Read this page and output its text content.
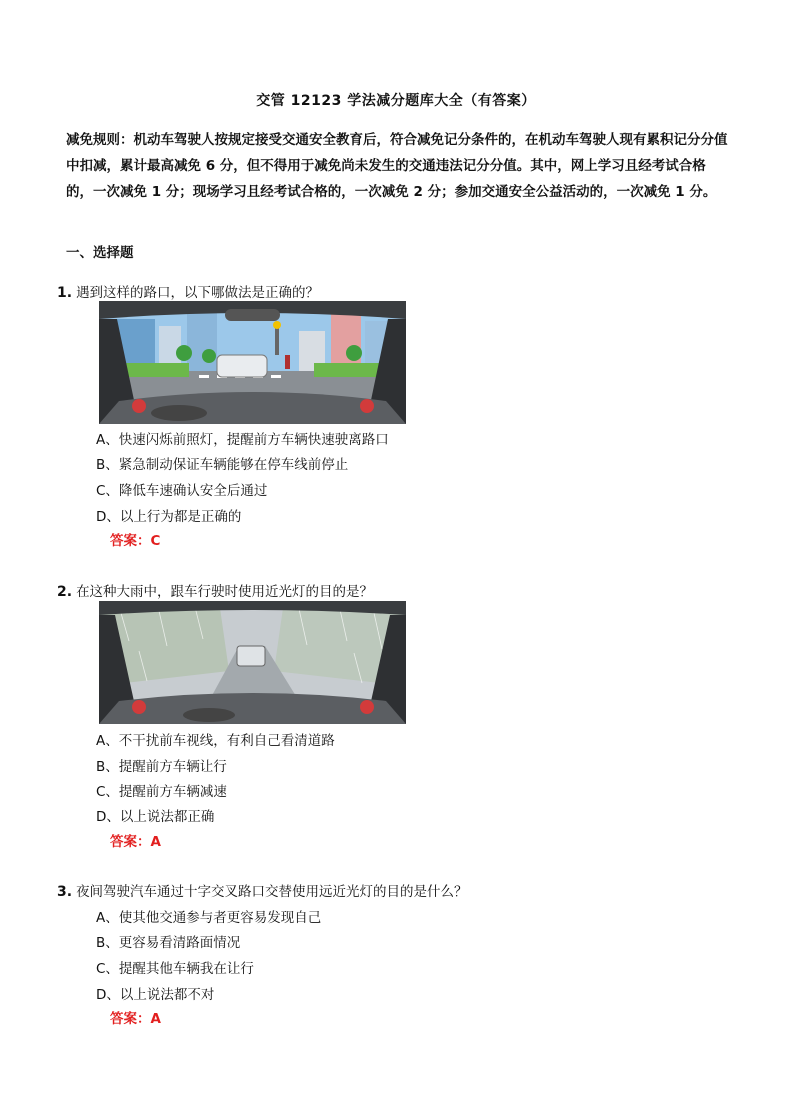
交管 12123 学法减分题库大全（有答案）
减免规则：机动车驾驶人按规定接受交通安全教育后，符合减免记分条件的，在机动车驾驶人现有累积记分分值中扣减，累计最高减免 6 分，但不得用于减免尚未发生的交通违法记分分值。其中，网上学习且经考试合格的，一次减免 1 分；现场学习且经考试合格的，一次减免 2 分；参加交通安全公益活动的，一次减免 1 分。
一、选择题
1. 遇到这样的路口，以下哪做法是正确的？
A、快速闪烁前照灯，提醒前方车辆快速驶离路口
B、紧急制动保证车辆能够在停车线前停止
C、降低车速确认安全后通过
D、以上行为都是正确的
答案：C
2. 在这种大雨中，跟车行驶时使用近光灯的目的是？
A、不干扰前车视线，有利自己看清道路
B、提醒前方车辆让行
C、提醒前方车辆减速
D、以上说法都正确
答案：A
3. 夜间驾驶汽车通过十字交叉路口交替使用远近光灯的目的是什么？
A、使其他交通参与者更容易发现自己
B、更容易看清路面情况
C、提醒其他车辆我在让行
D、以上说法都不对
答案：A
